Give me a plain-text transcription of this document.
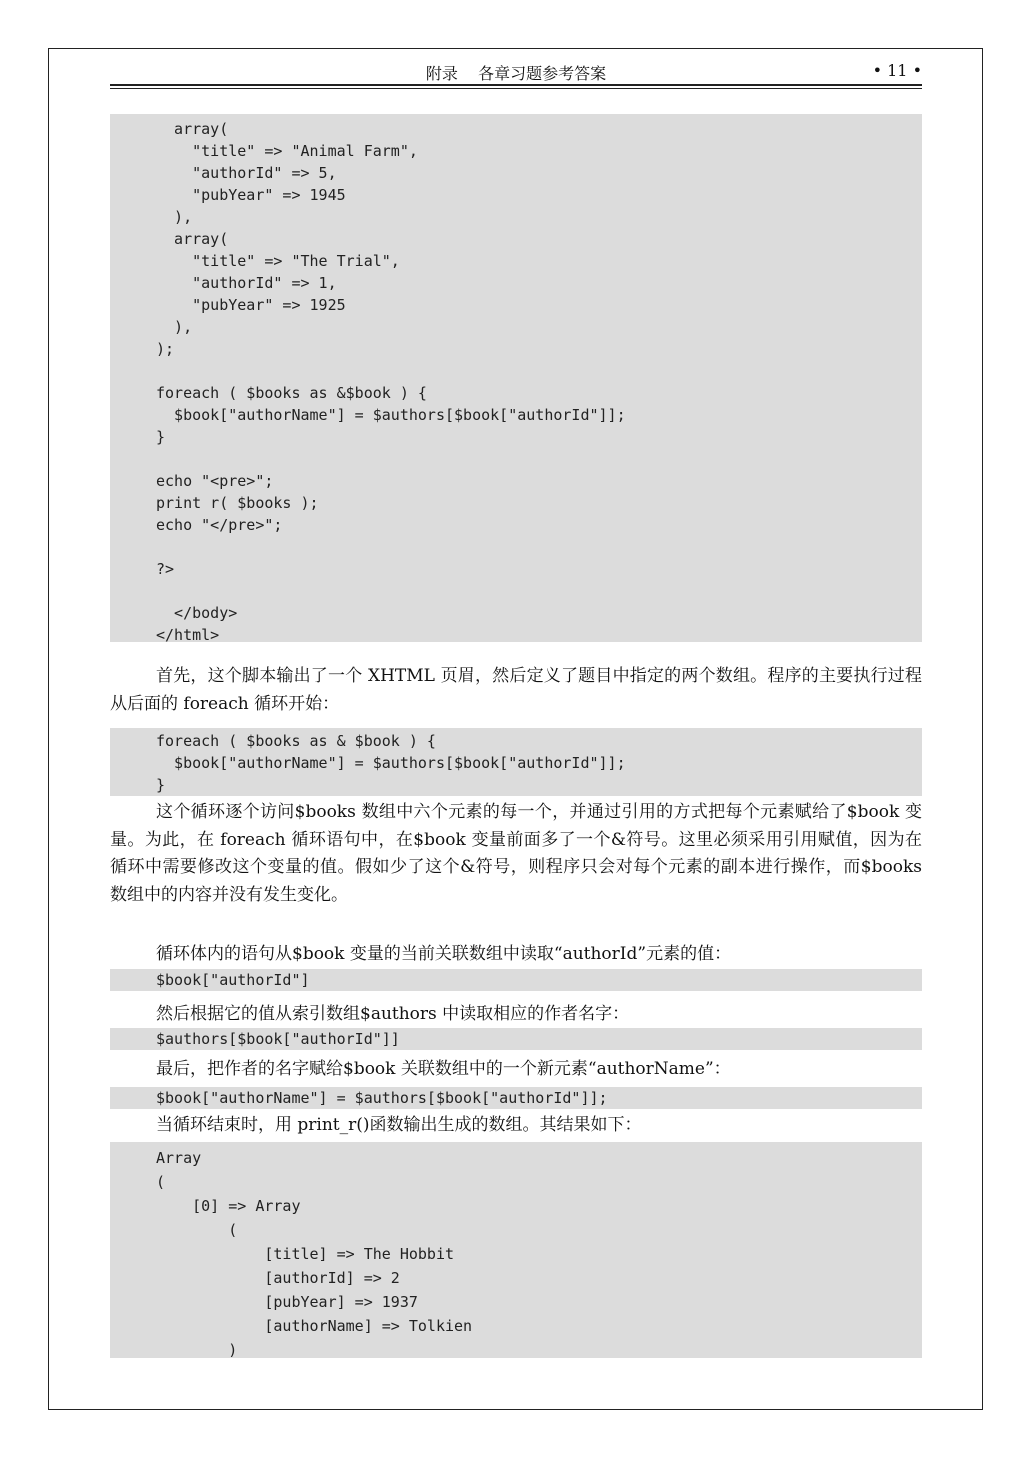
附录    各章习题参考答案	• 11 •
array(
"title" => "Animal Farm",
"authorId" => 5,
"pubYear" => 1945
),
array(
"title" => "The Trial",
"authorId" => 1,
"pubYear" => 1925
),
);
foreach ( $books as &$book ) {
$book["authorName"] = $authors[$book["authorId"]];
}
echo "<pre>";
print r( $books );
echo "</pre>";
?>
</body>
</html>

首先，这个脚本输出了一个 XHTML 页眉，然后定义了题目中指定的两个数组。程序的主要执行过程从后面的 foreach 循环开始：

foreach ( $books as & $book ) {
$book["authorName"] = $authors[$book["authorId"]];
}

这个循环逐个访问$books 数组中六个元素的每一个，并通过引用的方式把每个元素赋给了$book 变量。为此，在 foreach 循环语句中，在$book 变量前面多了一个&符号。这里必须采用引用赋值，因为在循环中需要修改这个变量的值。假如少了这个&符号，则程序只会对每个元素的副本进行操作，而$books 数组中的内容并没有发生变化。

循环体内的语句从$book 变量的当前关联数组中读取“authorId”元素的值：

$book["authorId"]

然后根据它的值从索引数组$authors 中读取相应的作者名字：

$authors[$book["authorId"]]

最后，把作者的名字赋给$book 关联数组中的一个新元素“authorName”：

$book["authorName"] = $authors[$book["authorId"]];

当循环结束时，用 print_r()函数输出生成的数组。其结果如下：

Array
(
[0] => Array
(
[title] => The Hobbit
[authorId] => 2
[pubYear] => 1937
[authorName] => Tolkien
)
